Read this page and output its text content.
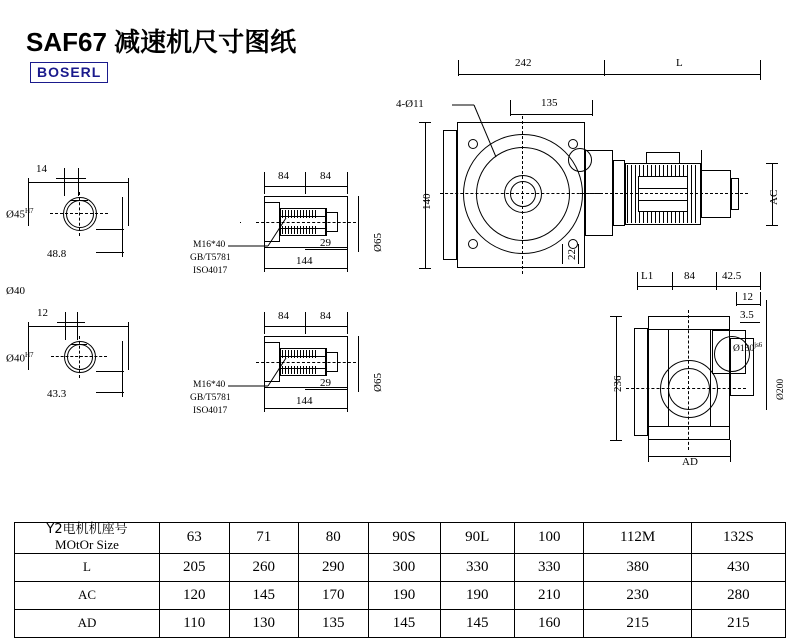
SAF67 减速机尺寸图纸
BOSERL
14
48.8
$Ø45^{H7}$
Ø40
12
43.3
$Ø40^{H7}$
84	84
M16*40
GB/T5781
ISO4017
29
144
Ø65
84	84
M16*40
GB/T5781
ISO4017
29
144
Ø65
242	L
4-Ø11	135
140
22
AC
L1	84 42.5
12
3.5
$Ø130^{js6}$
Ø200
236
AD
Y2电机机座号
MOtOr Size	63	71	80	90S	90L	100	112M	132S
L	205	260	290	300	330	330	380	430
AC	120	145	170	190	190	210	230	280
AD	110	130	135	145	145	160	215	215
